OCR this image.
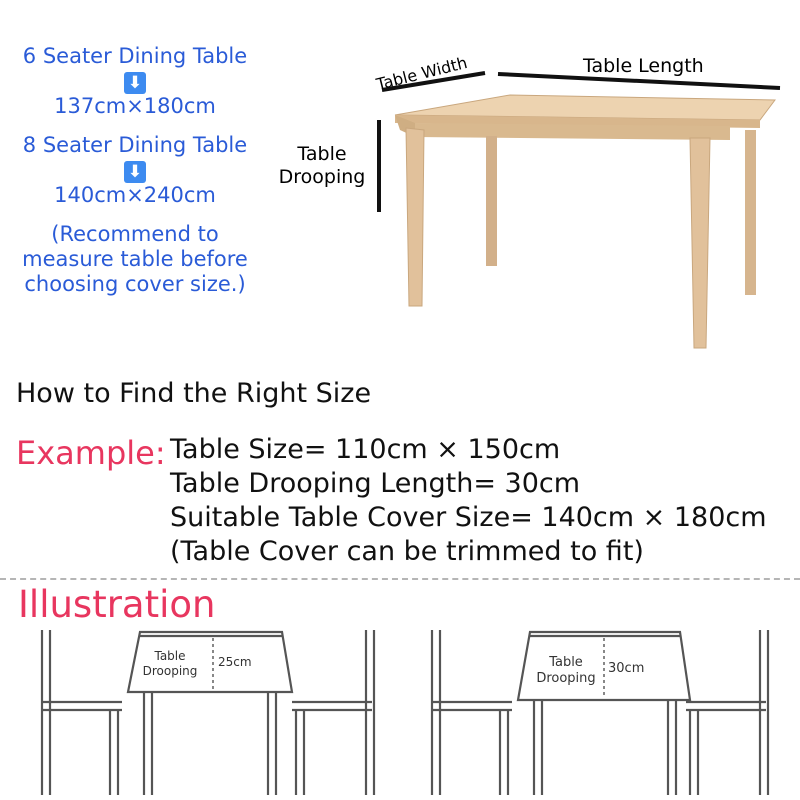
6 Seater Dining Table
⬇
137cm×180cm
8 Seater Dining Table
⬇
140cm×240cm
(Recommend to
measure table before
choosing cover size.)
Table Width	Table Length
Table
Drooping
How to Find the Right Size
Example: Table Size= 110cm × 150cm
Table Drooping Length= 30cm
Suitable Table Cover Size= 140cm × 180cm
(Table Cover can be trimmed to fit)
Illustration
Table
Drooping
25cm	Table
Drooping
30cm
